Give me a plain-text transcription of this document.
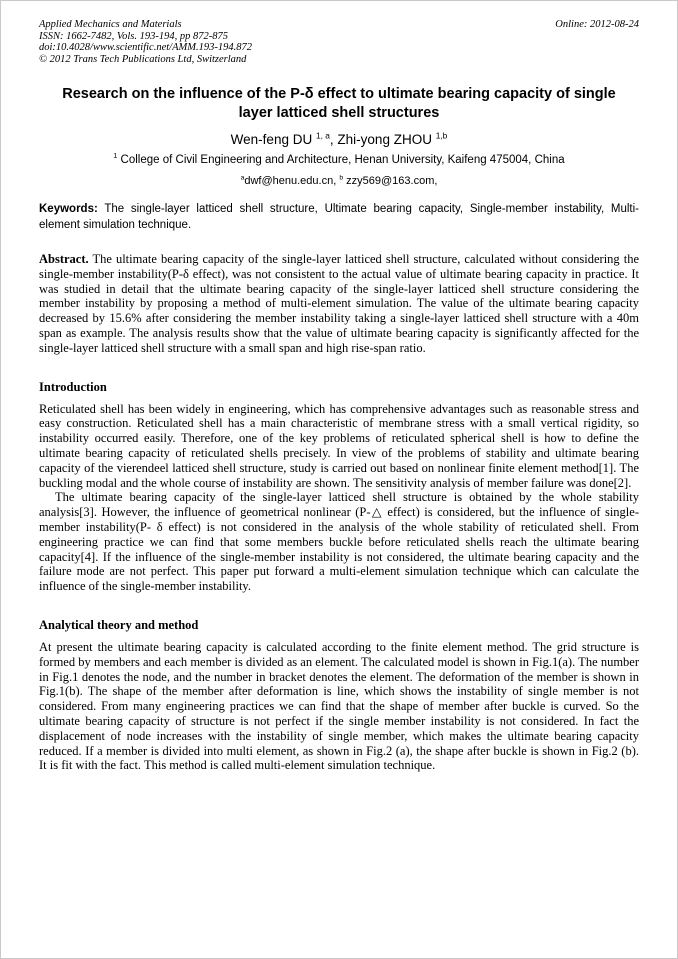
Applied Mechanics and Materials	Online: 2012-08-24
ISSN: 1662-7482, Vols. 193-194, pp 872-875
doi:10.4028/www.scientific.net/AMM.193-194.872
© 2012 Trans Tech Publications Ltd, Switzerland
Research on the influence of the P-δ effect to ultimate bearing capacity of single layer latticed shell structures
Wen-feng DU $^{1, a}$, Zhi-yong ZHOU $^{1,b}$
$^1$ College of Civil Engineering and Architecture, Henan University, Kaifeng 475004, China
$^a$dwf@henu.edu.cn, $^b$ zzy569@163.com,

Keywords: The single-layer latticed shell structure, Ultimate bearing capacity, Single-member instability, Multi-element simulation technique.

Abstract. The ultimate bearing capacity of the single-layer latticed shell structure, calculated without considering the single-member instability(P-δ effect), was not consistent to the actual value of ultimate bearing capacity in practice. It was studied in detail that the ultimate bearing capacity of the single-layer latticed shell structure considering the member instability by proposing a method of multi-element simulation. The value of the ultimate bearing capacity decreased by 15.6% after considering the member instability taking a single-layer latticed shell structure with a 40m span as example. The analysis results show that the value of ultimate bearing capacity is significantly affected for the single-layer latticed shell structure with a small span and high rise-span ratio.

Introduction

Reticulated shell has been widely in engineering, which has comprehensive advantages such as reasonable stress and easy construction. Reticulated shell has a main characteristic of membrane stress with a small vertical rigidity, so instability occurred easily. Therefore, one of the key problems of reticulated spherical shell is how to define the ultimate bearing capacity of reticulated shells precisely. In view of the problems of stability and ultimate bearing capacity of the vierendeel latticed shell structure, study is carried out based on nonlinear finite element method[1]. The buckling modal and the whole course of instability are shown. The sensitivity analysis of member failure was done[2].

The ultimate bearing capacity of the single-layer latticed shell structure is obtained by the whole stability analysis[3]. However, the influence of geometrical nonlinear (P-△ effect) is considered, but the influence of single-member instability(P- δ effect) is not considered in the analysis of the whole stability of reticulated shell. From engineering practice we can find that some members buckle before reticulated shells reach the ultimate bearing capacity[4]. If the influence of the single-member instability is not considered, the ultimate bearing capacity and the failure mode are not perfect. This paper put forward a multi-element simulation technique which can calculate the influence of the single-member instability.

Analytical theory and method

At present the ultimate bearing capacity is calculated according to the finite element method. The grid structure is formed by members and each member is divided as an element. The calculated model is shown in Fig.1(a). The number in Fig.1 denotes the node, and the number in bracket denotes the element. The deformation of the member is shown in Fig.1(b). The shape of the member after deformation is line, which shows the instability of single member is not considered. From many engineering practices we can find that the shape of member after buckle is curved. So the ultimate bearing capacity of structure is not perfect if the single member instability is not considered. In fact the displacement of node increases with the instability of single member, which makes the ultimate bearing capacity reduced. If a member is divided into multi element, as shown in Fig.2 (a), the shape after buckle is shown in Fig.2 (b). It is fit with the fact. This method is called multi-element simulation technique.
